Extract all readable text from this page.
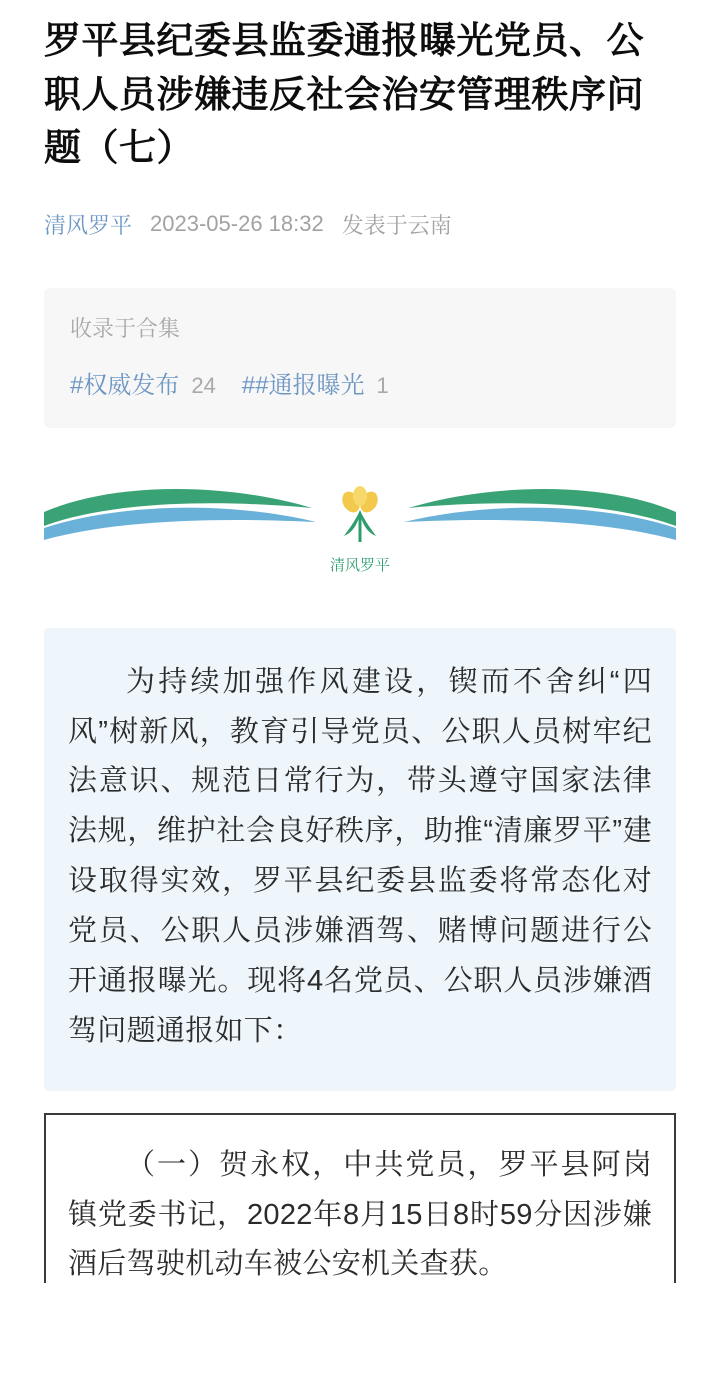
罗平县纪委县监委通报曝光党员、公职人员涉嫌违反社会治安管理秩序问题（七）
清风罗平 2023-05-26 18:32 发表于云南
收录于合集
#权威发布 24 ##通报曝光 1
清风罗平

为持续加强作风建设，锲而不舍纠“四风”树新风，教育引导党员、公职人员树牢纪法意识、规范日常行为，带头遵守国家法律法规，维护社会良好秩序，助推“清廉罗平”建设取得实效，罗平县纪委县监委将常态化对党员、公职人员涉嫌酒驾、赌博问题进行公开通报曝光。现将4名党员、公职人员涉嫌酒驾问题通报如下：

（一）贺永权，中共党员，罗平县阿岗镇党委书记，2022年8月15日8时59分因涉嫌酒后驾驶机动车被公安机关查获。
